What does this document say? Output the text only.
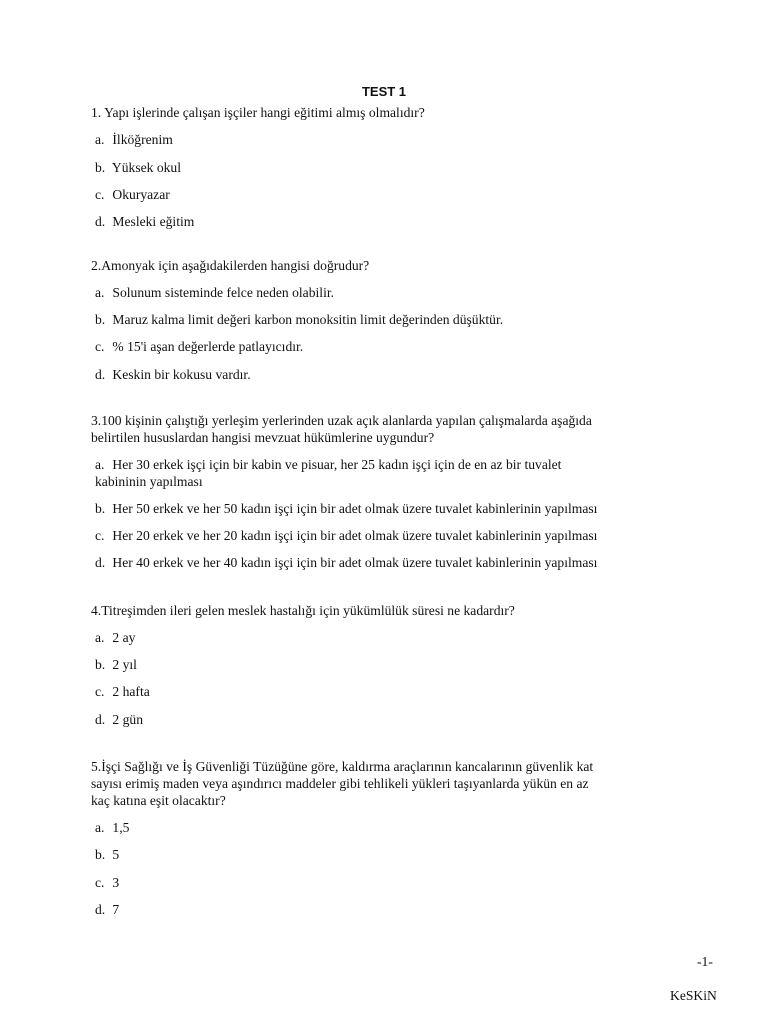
TEST 1

1. Yapı işlerinde çalışan işçiler hangi eğitimi almış olmalıdır?

a. İlköğrenim
b. Yüksek okul
c. Okuryazar
d. Mesleki eğitim

2.Amonyak için aşağıdakilerden hangisi doğrudur?

a. Solunum sisteminde felce neden olabilir.
b. Maruz kalma limit değeri karbon monoksitin limit değerinden düşüktür.
c. % 15'i aşan değerlerde patlayıcıdır.
d. Keskin bir kokusu vardır.
3.100 kişinin çalıştığı yerleşim yerlerinden uzak açık alanlarda yapılan çalışmalarda aşağıda
belirtilen hususlardan hangisi mevzuat hükümlerine uygundur?
a. Her 30 erkek işçi için bir kabin ve pisuar, her 25 kadın işçi için de en az bir tuvalet
kabininin yapılması
b. Her 50 erkek ve her 50 kadın işçi için bir adet olmak üzere tuvalet kabinlerinin yapılması
c. Her 20 erkek ve her 20 kadın işçi için bir adet olmak üzere tuvalet kabinlerinin yapılması
d. Her 40 erkek ve her 40 kadın işçi için bir adet olmak üzere tuvalet kabinlerinin yapılması

4.Titreşimden ileri gelen meslek hastalığı için yükümlülük süresi ne kadardır?

a. 2 ay
b. 2 yıl
c. 2 hafta
d. 2 gün
5.İşçi Sağlığı ve İş Güvenliği Tüzüğüne göre, kaldırma araçlarının kancalarının güvenlik kat
sayısı erimiş maden veya aşındırıcı maddeler gibi tehlikeli yükleri taşıyanlarda yükün en az
kaç katına eşit olacaktır?
a. 1,5
b. 5
c. 3
d. 7
-1-
KeSKiN
